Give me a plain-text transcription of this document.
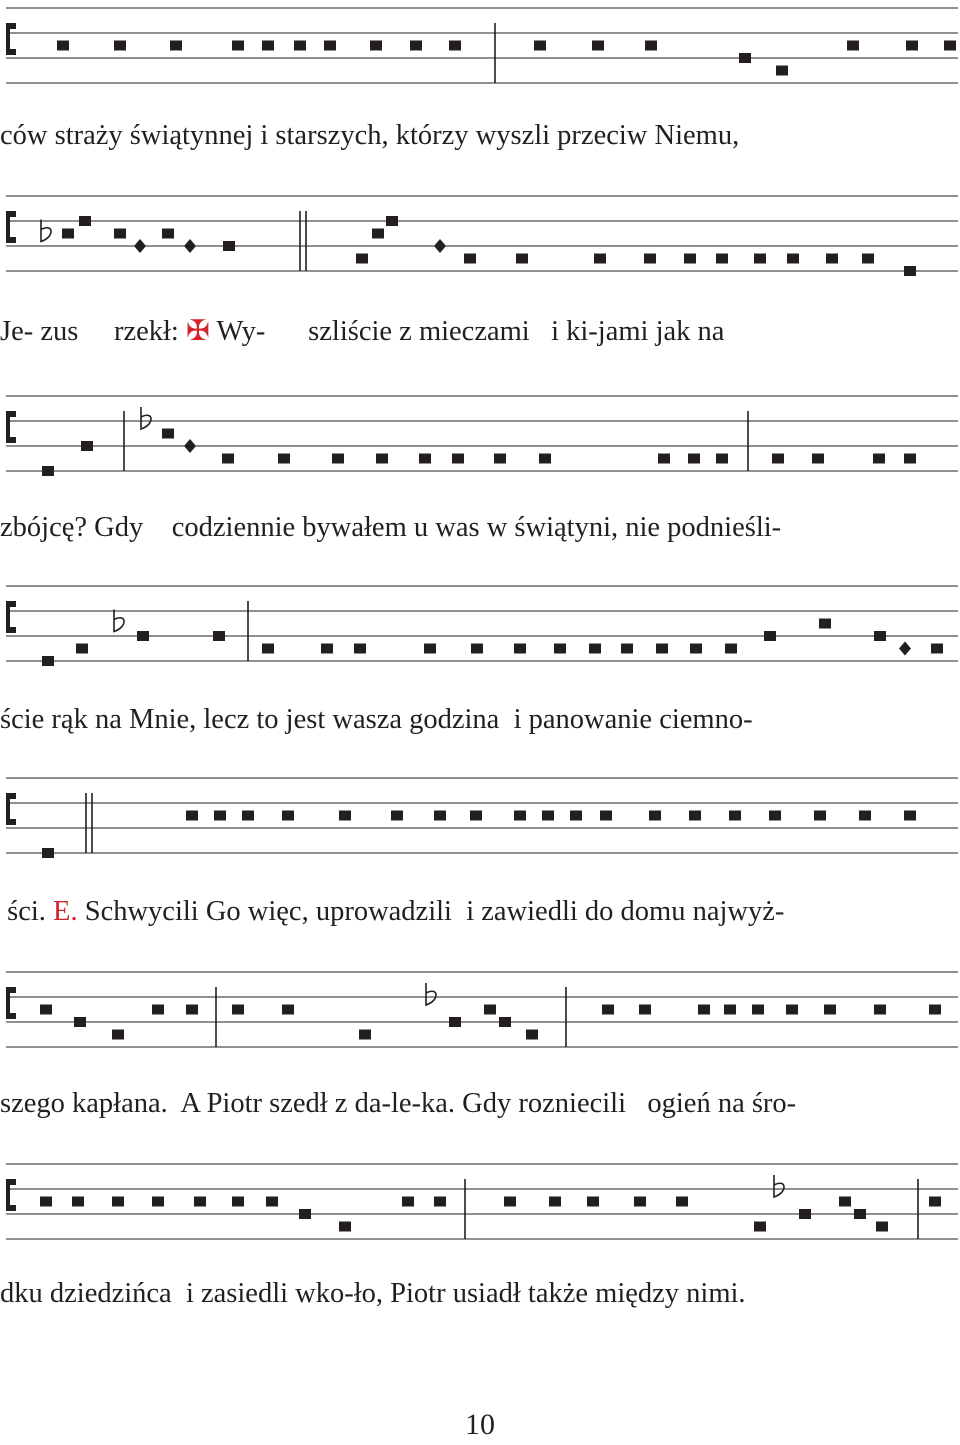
ców straży świątynnej i starszych, którzy wyszli przeciw Niemu,
Je- zus     rzekł: ✠ Wy-      szliście z mieczami   i ki-jami jak na
zbójcę? Gdy    codziennie bywałem u was w świątyni, nie podnieśli-
ście rąk na Mnie, lecz to jest wasza godzina  i panowanie ciemno-
ści. E. Schwycili Go więc, uprowadzili  i zawiedli do domu najwyż-
szego kapłana.  A Piotr szedł z da-le-ka. Gdy rozniecili   ogień na śro-
dku dziedzińca  i zasiedli wko-ło, Piotr usiadł także między nimi.
10
